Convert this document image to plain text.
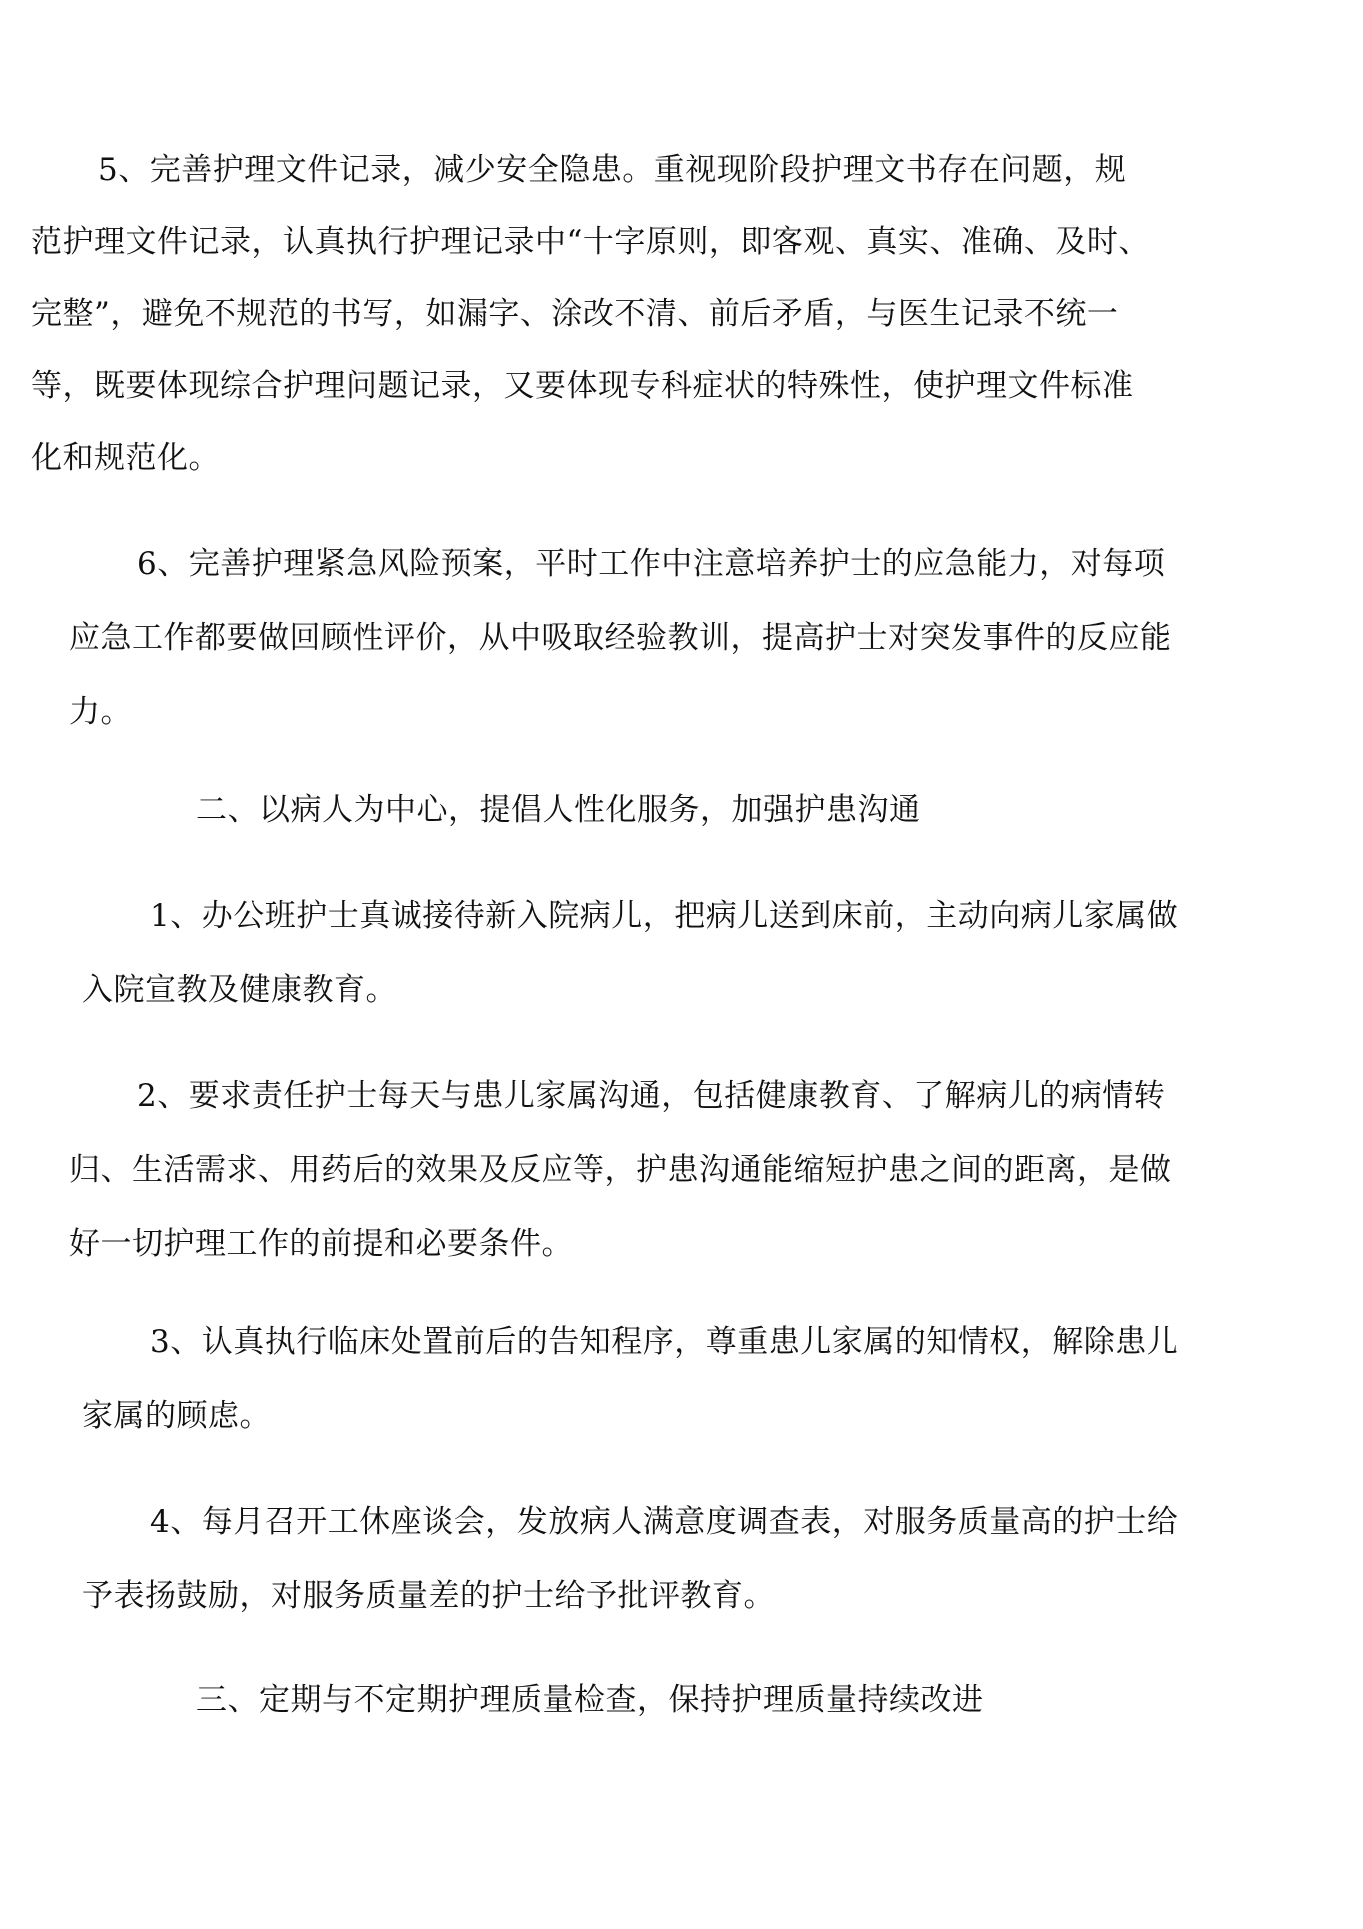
5、完善护理文件记录，减少安全隐患。重视现阶段护理文书存在问题，规
范护理文件记录，认真执行护理记录中“十字原则，即客观、真实、准确、及时、
完整”，避免不规范的书写，如漏字、涂改不清、前后矛盾，与医生记录不统一
等，既要体现综合护理问题记录，又要体现专科症状的特殊性，使护理文件标准
化和规范化。
6、完善护理紧急风险预案，平时工作中注意培养护士的应急能力，对每项
应急工作都要做回顾性评价，从中吸取经验教训，提高护士对突发事件的反应能
力。
二、以病人为中心，提倡人性化服务，加强护患沟通
1、办公班护士真诚接待新入院病儿，把病儿送到床前，主动向病儿家属做
入院宣教及健康教育。
2、要求责任护士每天与患儿家属沟通，包括健康教育、了解病儿的病情转
归、生活需求、用药后的效果及反应等，护患沟通能缩短护患之间的距离，是做
好一切护理工作的前提和必要条件。
3、认真执行临床处置前后的告知程序，尊重患儿家属的知情权，解除患儿
家属的顾虑。
4、每月召开工休座谈会，发放病人满意度调查表，对服务质量高的护士给
予表扬鼓励，对服务质量差的护士给予批评教育。
三、定期与不定期护理质量检查，保持护理质量持续改进
